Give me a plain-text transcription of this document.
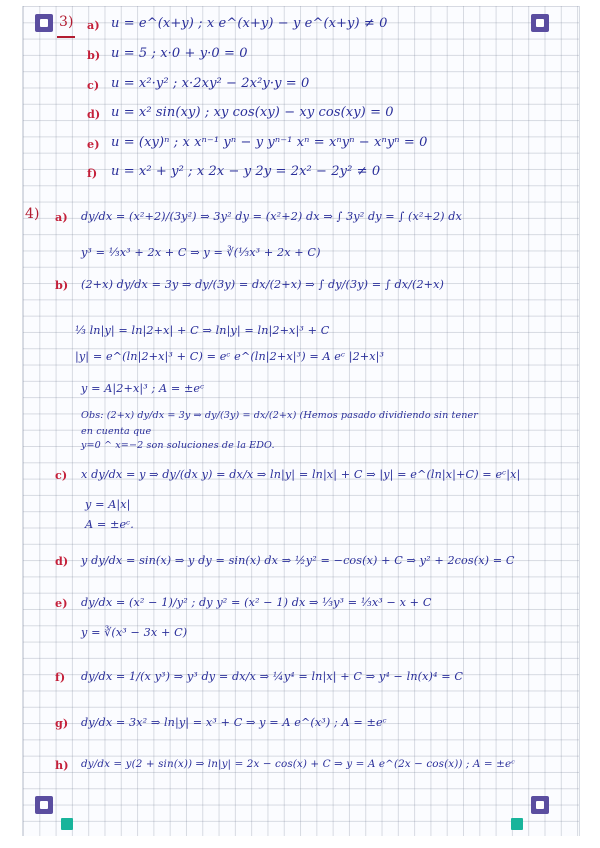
3) a) u = e^(x+y) ; x e^(x+y) − y e^(x+y) ≠ 0
b) u = 5 ; x·0 + y·0 = 0
c) u = x²·y² ; x·2xy² − 2x²y·y = 0
d) u = x² sin(xy) ; xy cos(xy) − xy cos(xy) = 0
e) u = (xy)ⁿ ; x xⁿ⁻¹ yⁿ − y yⁿ⁻¹ xⁿ = xⁿyⁿ − xⁿyⁿ = 0
f) u = x² + y² ; x 2x − y 2y = 2x² − 2y² ≠ 0
4) a) dy/dx = (x²+2)/(3y²) ⇒ 3y² dy = (x²+2) dx ⇒ ∫ 3y² dy = ∫ (x²+2) dx
y³ = ⅓x³ + 2x + C ⇒ y = ∛(⅓x³ + 2x + C)
b) (2+x) dy/dx = 3y ⇒ dy/(3y) = dx/(2+x) ⇒ ∫ dy/(3y) = ∫ dx/(2+x)
⅓ ln|y| = ln|2+x| + C ⇒ ln|y| = ln|2+x|³ + C
|y| = e^(ln|2+x|³ + C) = eᶜ e^(ln|2+x|³) = A eᶜ |2+x|³
y = A|2+x|³ ; A = ±eᶜ
Obs: (2+x) dy/dx = 3y ⇒ dy/(3y) = dx/(2+x) (Hemos pasado dividiendo sin tener
en cuenta que
y=0 ^ x=−2 son soluciones de la EDO.
c) x dy/dx = y ⇒ dy/(dx y) = dx/x ⇒ ln|y| = ln|x| + C ⇒ |y| = e^(ln|x|+C) = eᶜ|x|
y = A|x|
A = ±eᶜ.
d) y dy/dx = sin(x) ⇒ y dy = sin(x) dx ⇒ ½y² = −cos(x) + C ⇒ y² + 2cos(x) = C
e) dy/dx = (x² − 1)/y² ; dy y² = (x² − 1) dx ⇒ ⅓y³ = ⅓x³ − x + C
y = ∛(x³ − 3x + C)
f) dy/dx = 1/(x y³) ⇒ y³ dy = dx/x ⇒ ¼y⁴ = ln|x| + C ⇒ y⁴ − ln(x)⁴ = C
g) dy/dx = 3x² ⇒ ln|y| = x³ + C ⇒ y = A e^(x³) ; A = ±eᶜ
h) dy/dx = y(2 + sin(x)) ⇒ ln|y| = 2x − cos(x) + C ⇒ y = A e^(2x − cos(x)) ; A = ±eᶜ
